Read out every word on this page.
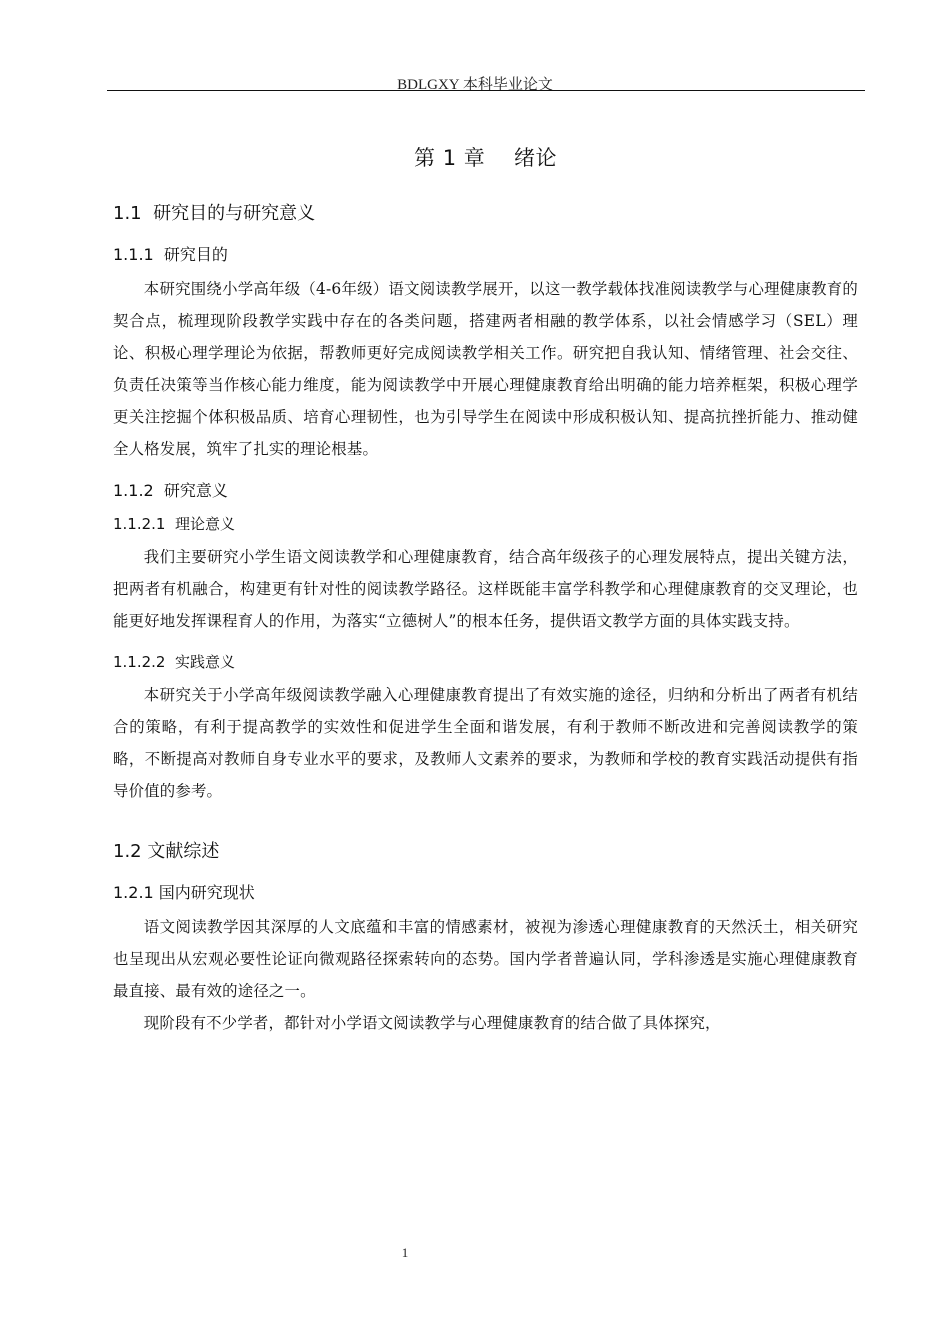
BDLGXY 本科毕业论文
第 1 章    绪论
1.1  研究目的与研究意义
1.1.1  研究目的

本研究围绕小学高年级（4-6年级）语文阅读教学展开，以这一教学载体找准阅读教学与心理健康教育的契合点，梳理现阶段教学实践中存在的各类问题，搭建两者相融的教学体系，以社会情感学习（SEL）理论、积极心理学理论为依据，帮教师更好完成阅读教学相关工作。研究把自我认知、情绪管理、社会交往、负责任决策等当作核心能力维度，能为阅读教学中开展心理健康教育给出明确的能力培养框架，积极心理学更关注挖掘个体积极品质、培育心理韧性，也为引导学生在阅读中形成积极认知、提高抗挫折能力、推动健全人格发展，筑牢了扎实的理论根基。

1.1.2  研究意义
1.1.2.1  理论意义

我们主要研究小学生语文阅读教学和心理健康教育，结合高年级孩子的心理发展特点，提出关键方法，把两者有机融合，构建更有针对性的阅读教学路径。这样既能丰富学科教学和心理健康教育的交叉理论，也能更好地发挥课程育人的作用，为落实“立德树人”的根本任务，提供语文教学方面的具体实践支持。

1.1.2.2  实践意义

本研究关于小学高年级阅读教学融入心理健康教育提出了有效实施的途径，归纳和分析出了两者有机结合的策略，有利于提高教学的实效性和促进学生全面和谐发展，有利于教师不断改进和完善阅读教学的策略，不断提高对教师自身专业水平的要求，及教师人文素养的要求，为教师和学校的教育实践活动提供有指导价值的参考。

1.2 文献综述
1.2.1 国内研究现状

语文阅读教学因其深厚的人文底蕴和丰富的情感素材，被视为渗透心理健康教育的天然沃土，相关研究也呈现出从宏观必要性论证向微观路径探索转向的态势。国内学者普遍认同，学科渗透是实施心理健康教育最直接、最有效的途径之一。

现阶段有不少学者，都针对小学语文阅读教学与心理健康教育的结合做了具体探究，

1
